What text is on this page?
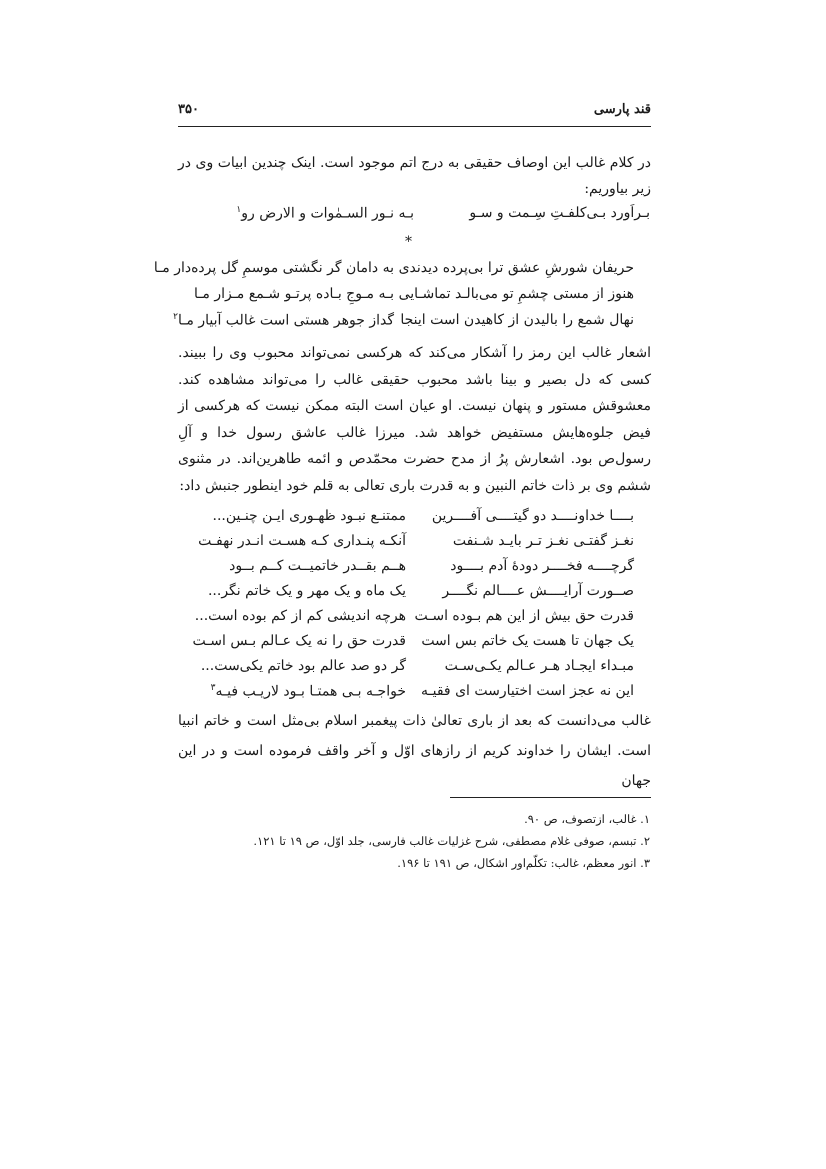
قند پارسی
۳۵۰
در کلام غالب این اوصاف حقیقی به درج اتم موجود است. اینک چندین ابیات وی در زیر بیاوریم:
بـراَورد بـی‌کلفـتِ سِـمت و سـو
بـه نـور السـمٰوات و الارض رو$^۱$
*
حریفان شورشِ عشق ترا بی‌پرده دیدندی
به دامان گر نگشتی موسمِ گل پرده‌دار مـا
هنوز از مستی چشمِ تو می‌بالـد تماشـایی
بـه مـوجِ بـاده پرتـو شـمع مـزار مـا
نهال شمع را بالیدن از کاهیدن است اینجا
گداز جوهر هستی است غالب آبیار مـا$^۲$
اشعار غالب این رمز را آشکار می‌کند که هرکسی نمی‌تواند محبوب وی را ببیند. کسی که دل بصیر و بینا باشد محبوب حقیقی غالب را می‌تواند مشاهده کند. معشوقش مستور و پنهان نیست. او عیان است البته ممکن نیست که هرکسی از فیض جلوه‌هایش مستفیض خواهد شد. میرزا غالب عاشق رسول خدا و آلِ رسول‌ص بود. اشعارش پرُ از مدح حضرت محمّدص و ائمه طاهرین‌اند. در مثنوی ششم وی بر ذات خاتم النبین و به قدرت باری تعالی به قلم خود اینطور جنبش داد:
بــــا خداونــــد دو گیتــــی آفــــرین
ممتنـع نبـود ظهـوری ایـن چنـین...
نغـز گفتـی نغـز تـر بایـد شـنفت
آنکـه پنـداری کـه هسـت انـدر نهفـت
گرچــــه فخــــر دودهٔ آدم بــــود
هــم بقــدر خاتمیــت کــم بــود
صــورت آرایــــش عــــالم نگــــر
یک ماه و یک مهر و یک خاتم نگر...
قدرت حق بیش از این هم بـوده اسـت
هرچه اندیشی کم از کم بوده است...
یک جهان تا هست یک خاتم بس است
قدرت حق را نه یک عـالم بـس اسـت
مبـداء ایجـاد هـر عـالم یکـی‌سـت
گر دو صد عالم بود خاتم یکی‌ست...
این نه عجز است اختیارست ای فقیـه
خواجـه بـی همتـا بـود لاریـب فیـه$^۳$
غالب می‌دانست که بعد از باری تعالیٰ ذات پیغمبر اسلام بی‌مثل است و خاتم انبیا است. ایشان را خداوند کریم از رازهای اوّل و آخر واقف فرموده است و در این جهان
۱. غالب، ازتصوف، ص ۹۰.
۲. تبسم، صوفی غلام مصطفی، شرح غزلیات غالب فارسی، جلد اوّل، ص ۱۹ تا ۱۲۱.
۳. انور معظم، غالب: تکلّم‌اور اشکال، ص ۱۹۱ تا ۱۹۶.
